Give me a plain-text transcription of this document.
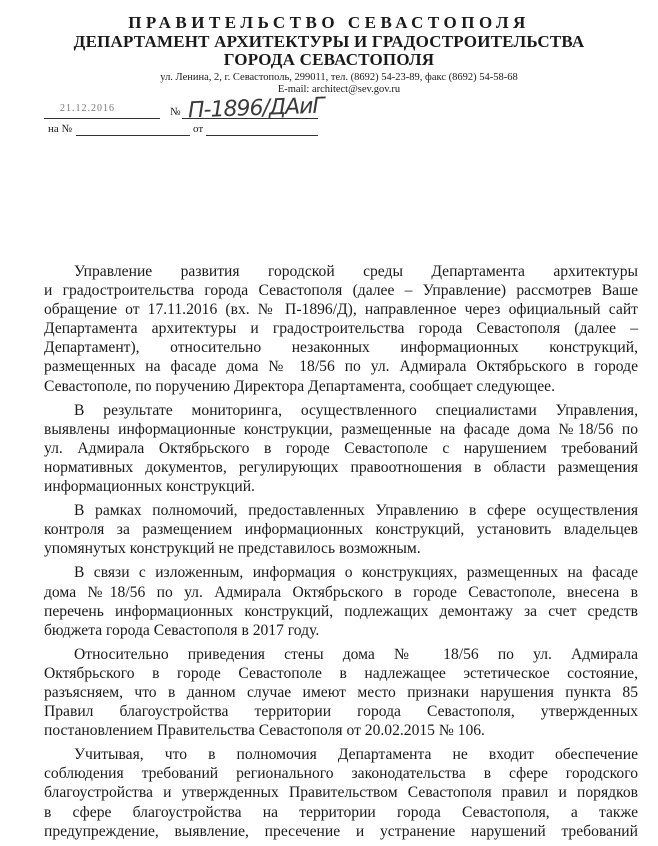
ПРАВИТЕЛЬСТВО СЕВАСТОПОЛЯ
ДЕПАРТАМЕНТ АРХИТЕКТУРЫ И ГРАДОСТРОИТЕЛЬСТВА
ГОРОДА СЕВАСТОПОЛЯ
ул. Ленина, 2, г. Севастополь, 299011, тел. (8692) 54-23-89, факс (8692) 54-58-68
E-mail: architect@sev.gov.ru
21.12.2016	№ П-1896/ДАиГ
на №	от
Управление развития городской среды Департамента архитектуры
и градостроительства города Севастополя (далее – Управление) рассмотрев Ваше
обращение от 17.11.2016 (вх. № П-1896/Д), направленное через официальный сайт
Департамента архитектуры и градостроительства города Севастополя (далее –
Департамент), относительно незаконных информационных конструкций,
размещенных на фасаде дома № 18/56 по ул. Адмирала Октябрьского в городе
Севастополе, по поручению Директора Департамента, сообщает следующее.
В результате мониторинга, осуществленного специалистами Управления,
выявлены информационные конструкции, размещенные на фасаде дома №18/56 по
ул. Адмирала Октябрьского в городе Севастополе с нарушением требований
нормативных документов, регулирующих правоотношения в области размещения
информационных конструкций.
В рамках полномочий, предоставленных Управлению в сфере осуществления
контроля за размещением информационных конструкций, установить владельцев
упомянутых конструкций не представилось возможным.
В связи с изложенным, информация о конструкциях, размещенных на фасаде
дома №18/56 по ул. Адмирала Октябрьского в городе Севастополе, внесена в
перечень информационных конструкций, подлежащих демонтажу за счет средств
бюджета города Севастополя в 2017 году.
Относительно приведения стены дома № 18/56 по ул. Адмирала
Октябрьского в городе Севастополе в надлежащее эстетическое состояние,
разъясняем, что в данном случае имеют место признаки нарушения пункта 85
Правил благоустройства территории города Севастополя, утвержденных
постановлением Правительства Севастополя от 20.02.2015 № 106.
Учитывая, что в полномочия Департамента не входит обеспечение
соблюдения требований регионального законодательства в сфере городского
благоустройства и утвержденных Правительством Севастополя правил и порядков
в сфере благоустройства на территории города Севастополя, а также
предупреждение, выявление, пресечение и устранение нарушений требований
